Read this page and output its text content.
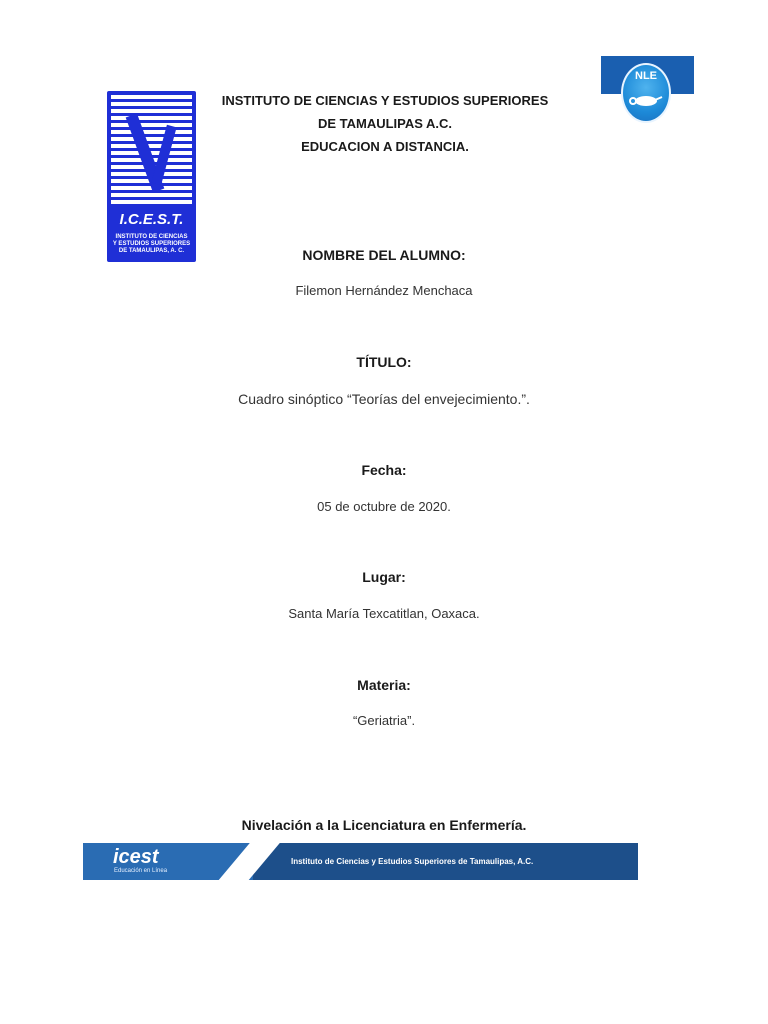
I.C.E.S.T.
INSTITUTO DE CIENCIAS
Y ESTUDIOS SUPERIORES
DE TAMAULIPAS, A. C.
NLE
INSTITUTO DE CIENCIAS Y ESTUDIOS SUPERIORES
DE TAMAULIPAS A.C.
EDUCACION A DISTANCIA.
NOMBRE DEL ALUMNO:
Filemon Hernández Menchaca
TÍTULO:
Cuadro sinóptico “Teorías del envejecimiento.”.
Fecha:
05 de octubre de 2020.
Lugar:
Santa María Texcatitlan, Oaxaca.
Materia:
“Geriatria”.
Nivelación a la Licenciatura en Enfermería.
icest
Educación en Línea
Instituto de Ciencias y Estudios Superiores de Tamaulipas, A.C.
